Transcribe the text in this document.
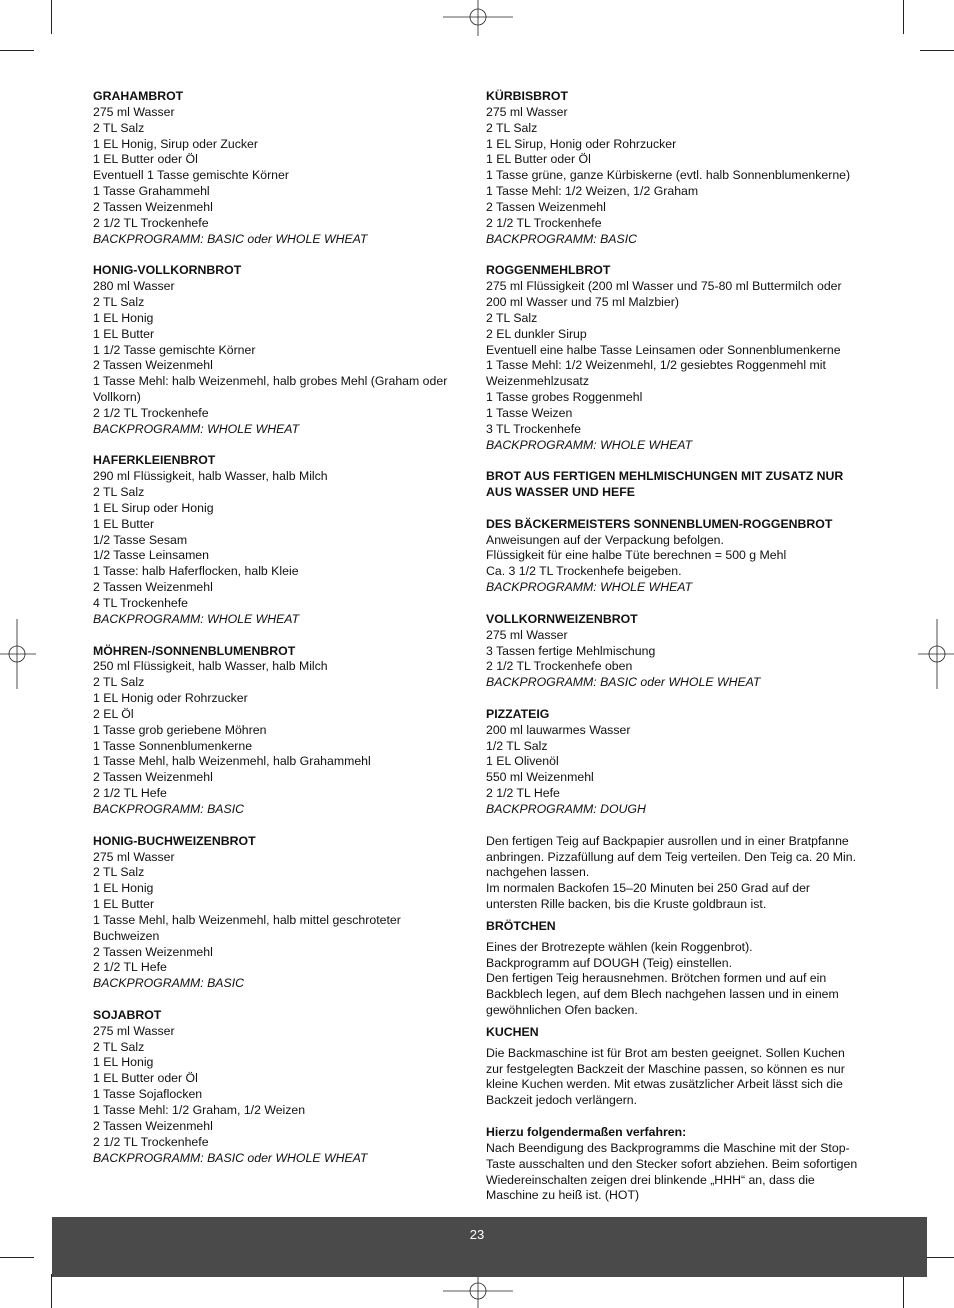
GRAHAMBROT
275 ml Wasser
2 TL Salz
1 EL Honig, Sirup oder Zucker
1 EL Butter oder Öl
Eventuell 1 Tasse gemischte Körner
1 Tasse Grahammehl
2 Tassen Weizenmehl
2 1/2 TL Trockenhefe
BACKPROGRAMM: BASIC oder WHOLE WHEAT
HONIG-VOLLKORNBROT
280 ml Wasser
2 TL Salz
1 EL Honig
1 EL Butter
1 1/2 Tasse gemischte Körner
2 Tassen Weizenmehl
1 Tasse Mehl: halb Weizenmehl, halb grobes Mehl (Graham oder Vollkorn)
2 1/2 TL Trockenhefe
BACKPROGRAMM: WHOLE WHEAT
HAFERKLEIENBROT
290 ml Flüssigkeit, halb Wasser, halb Milch
2 TL Salz
1 EL Sirup oder Honig
1 EL Butter
1/2 Tasse Sesam
1/2 Tasse Leinsamen
1 Tasse: halb Haferflocken, halb Kleie
2 Tassen Weizenmehl
4 TL Trockenhefe
BACKPROGRAMM: WHOLE WHEAT
MÖHREN-/SONNENBLUMENBROT
250 ml Flüssigkeit, halb Wasser, halb Milch
2 TL Salz
1 EL Honig oder Rohrzucker
2 EL Öl
1 Tasse grob geriebene Möhren
1 Tasse Sonnenblumenkerne
1 Tasse Mehl, halb Weizenmehl, halb Grahammehl
2 Tassen Weizenmehl
2 1/2 TL Hefe
BACKPROGRAMM: BASIC
HONIG-BUCHWEIZENBROT
275 ml Wasser
2 TL Salz
1 EL Honig
1 EL Butter
1 Tasse Mehl, halb Weizenmehl, halb mittel geschroteter Buchweizen
2 Tassen Weizenmehl
2 1/2 TL Hefe
BACKPROGRAMM: BASIC
SOJABROT
275 ml Wasser
2 TL Salz
1 EL Honig
1 EL Butter oder Öl
1 Tasse Sojaflocken
1 Tasse Mehl: 1/2 Graham, 1/2 Weizen
2 Tassen Weizenmehl
2 1/2 TL Trockenhefe
BACKPROGRAMM: BASIC oder WHOLE WHEAT
KÜRBISBROT
275 ml Wasser
2 TL Salz
1 EL Sirup, Honig oder Rohrzucker
1 EL Butter oder Öl
1 Tasse grüne, ganze Kürbiskerne (evtl. halb Sonnenblumenkerne)
1 Tasse Mehl: 1/2 Weizen, 1/2 Graham
2 Tassen Weizenmehl
2 1/2 TL Trockenhefe
BACKPROGRAMM: BASIC
ROGGENMEHLBROT
275 ml Flüssigkeit (200 ml Wasser und 75-80 ml Buttermilch oder 200 ml Wasser und 75 ml Malzbier)
2 TL Salz
2 EL dunkler Sirup
Eventuell eine halbe Tasse Leinsamen oder Sonnenblumenkerne
1 Tasse Mehl: 1/2 Weizenmehl, 1/2 gesiebtes Roggenmehl mit Weizenmehlzusatz
1 Tasse grobes Roggenmehl
1 Tasse Weizen
3 TL Trockenhefe
BACKPROGRAMM: WHOLE WHEAT
BROT AUS FERTIGEN MEHLMISCHUNGEN MIT ZUSATZ NUR AUS WASSER UND HEFE
DES BÄCKERMEISTERS SONNENBLUMEN-ROGGENBROT
Anweisungen auf der Verpackung befolgen.
Flüssigkeit für eine halbe Tüte berechnen = 500 g Mehl
Ca. 3 1/2 TL Trockenhefe beigeben.
BACKPROGRAMM: WHOLE WHEAT
VOLLKORNWEIZENBROT
275 ml Wasser
3 Tassen fertige Mehlmischung
2 1/2 TL Trockenhefe oben
BACKPROGRAMM: BASIC oder WHOLE WHEAT
PIZZATEIG
200 ml lauwarmes Wasser
1/2 TL Salz
1 EL Olivenöl
550 ml Weizenmehl
2 1/2 TL Hefe
BACKPROGRAMM: DOUGH

Den fertigen Teig auf Backpapier ausrollen und in einer Bratpfanne anbringen. Pizzafüllung auf dem Teig verteilen. Den Teig ca. 20 Min. nachgehen lassen.

Im normalen Backofen 15–20 Minuten bei 250 Grad auf der untersten Rille backen, bis die Kruste goldbraun ist.

BRÖTCHEN
Eines der Brotrezepte wählen (kein Roggenbrot).
Backprogramm auf DOUGH (Teig) einstellen.
Den fertigen Teig herausnehmen. Brötchen formen und auf ein Backblech legen, auf dem Blech nachgehen lassen und in einem gewöhnlichen Ofen backen.
KUCHEN

Die Backmaschine ist für Brot am besten geeignet. Sollen Kuchen zur festgelegten Backzeit der Maschine passen, so können es nur kleine Kuchen werden. Mit etwas zusätzlicher Arbeit lässt sich die Backzeit jedoch verlängern.

Hierzu folgendermaßen verfahren:

Nach Beendigung des Backprogramms die Maschine mit der Stop-Taste ausschalten und den Stecker sofort abziehen. Beim sofortigen Wiedereinschalten zeigen drei blinkende „HHH“ an, dass die Maschine zu heiß ist. (HOT)

23
